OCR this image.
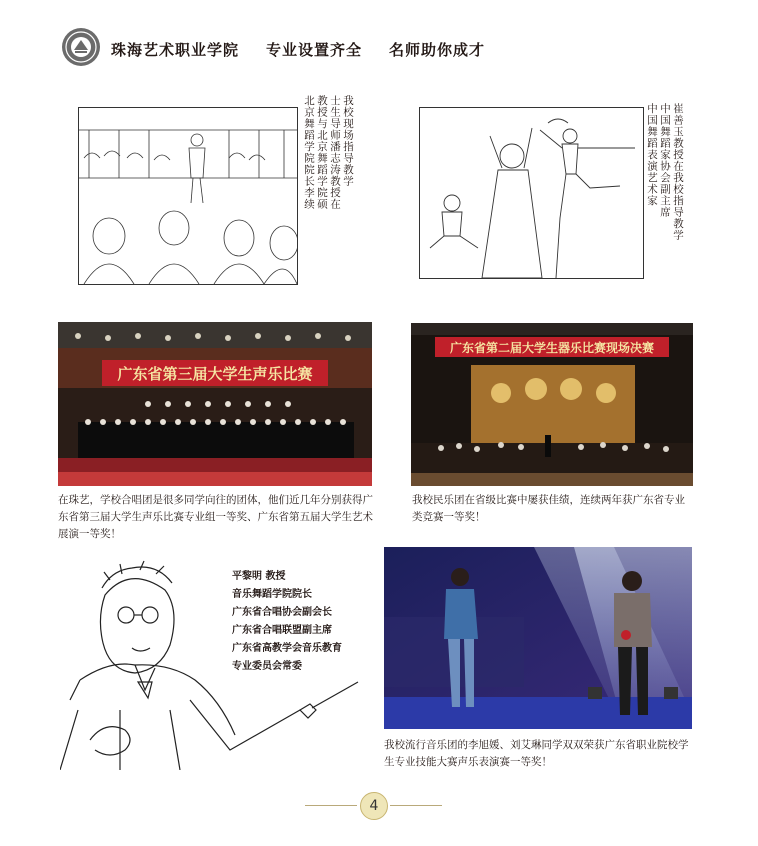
珠海艺术职业学院 专业设置齐全 名师助你成才
我校现场指导教学
士生导师潘志涛教授在
教授与北京舞蹈学院硕
北京舞蹈学院院长李续	崔善玉教授在我校指导教学
中国舞蹈家协会副主席
中国舞蹈表演艺术家
广东省第三届大学生声乐比赛
在珠艺，学校合唱团是很多同学向往的团体，他们近几年分别获得广东省第三届大学生声乐比赛专业组一等奖、广东省第五届大学生艺术展演一等奖！
广东省第二届大学生器乐比赛现场决赛
我校民乐团在省级比赛中屡获佳绩，连续两年获广东省专业类竞赛一等奖！
平黎明 教授
音乐舞蹈学院院长
广东省合唱协会副会长
广东省合唱联盟副主席
广东省高教学会音乐教育
专业委员会常委
我校流行音乐团的李旭媛、刘艾琳同学双双荣获广东省职业院校学生专业技能大赛声乐表演赛一等奖！
4
